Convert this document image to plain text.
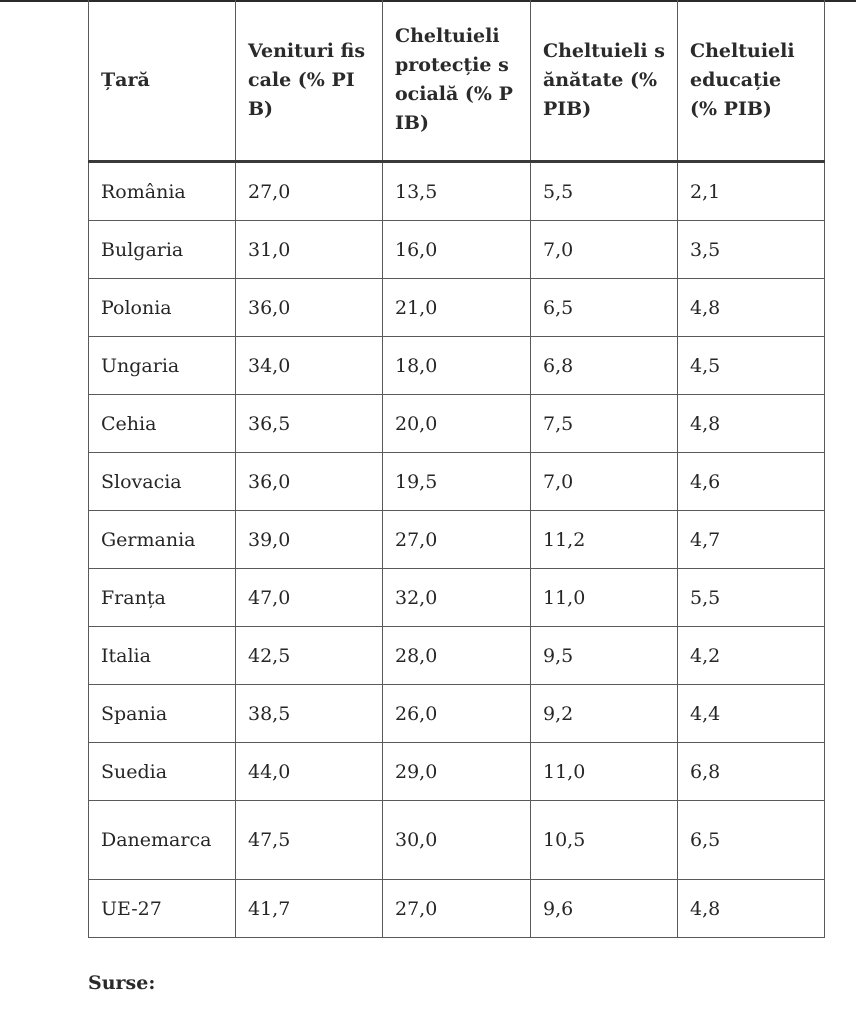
Țară	Venituri fiscale (% PIB)	Cheltuieli protecție socială (% PIB)	Cheltuieli sănătate (% PIB)	Cheltuieli educație (% PIB)
România	27,0	13,5	5,5	2,1
Bulgaria	31,0	16,0	7,0	3,5
Polonia	36,0	21,0	6,5	4,8
Ungaria	34,0	18,0	6,8	4,5
Cehia	36,5	20,0	7,5	4,8
Slovacia	36,0	19,5	7,0	4,6
Germania	39,0	27,0	11,2	4,7
Franța	47,0	32,0	11,0	5,5
Italia	42,5	28,0	9,5	4,2
Spania	38,5	26,0	9,2	4,4
Suedia	44,0	29,0	11,0	6,8
Danemarca	47,5	30,0	10,5	6,5
UE-27	41,7	27,0	9,6	4,8
Surse:
